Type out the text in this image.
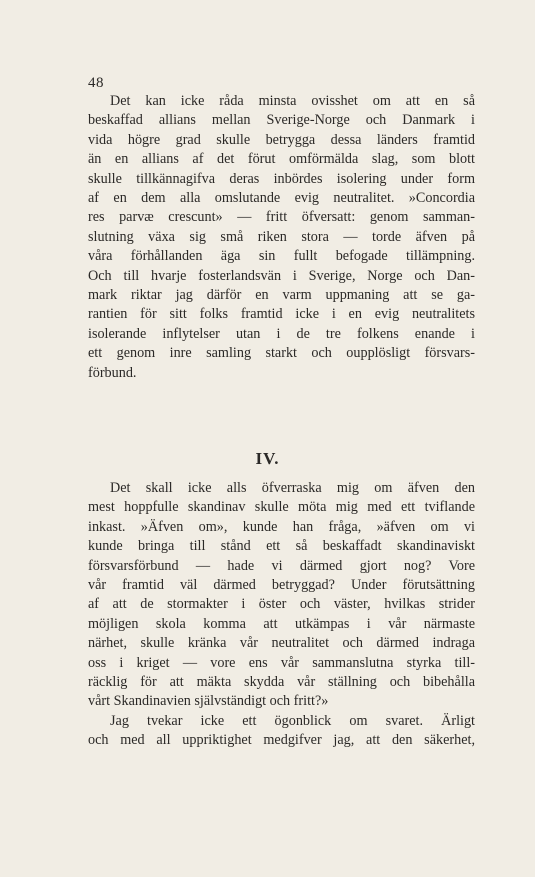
48
Det kan icke råda minsta ovisshet om att en så
beskaffad allians mellan Sverige-Norge och Danmark i
vida högre grad skulle betrygga dessa länders framtid
än en allians af det förut omförmälda slag, som blott
skulle tillkännagifva deras inbördes isolering under form
af en dem alla omslutande evig neutralitet. »Concordia
res parvæ crescunt» — fritt öfversatt: genom samman-
slutning växa sig små riken stora — torde äfven på
våra förhållanden äga sin fullt befogade tillämpning.
Och till hvarje fosterlandsvän i Sverige, Norge och Dan-
mark riktar jag därför en varm uppmaning att se ga-
rantien för sitt folks framtid icke i en evig neutralitets
isolerande inflytelser utan i de tre folkens enande i
ett genom inre samling starkt och oupplösligt försvars-
förbund.
IV.
Det skall icke alls öfverraska mig om äfven den
mest hoppfulle skandinav skulle möta mig med ett tviflande
inkast. »Äfven om», kunde han fråga, »äfven om vi
kunde bringa till stånd ett så beskaffadt skandinaviskt
försvarsförbund — hade vi därmed gjort nog? Vore
vår framtid väl därmed betryggad? Under förutsättning
af att de stormakter i öster och väster, hvilkas strider
möjligen skola komma att utkämpas i vår närmaste
närhet, skulle kränka vår neutralitet och därmed indraga
oss i kriget — vore ens vår sammanslutna styrka till-
räcklig för att mäkta skydda vår ställning och bibehålla
vårt Skandinavien självständigt och fritt?»
Jag tvekar icke ett ögonblick om svaret. Ärligt
och med all uppriktighet medgifver jag, att den säkerhet,
